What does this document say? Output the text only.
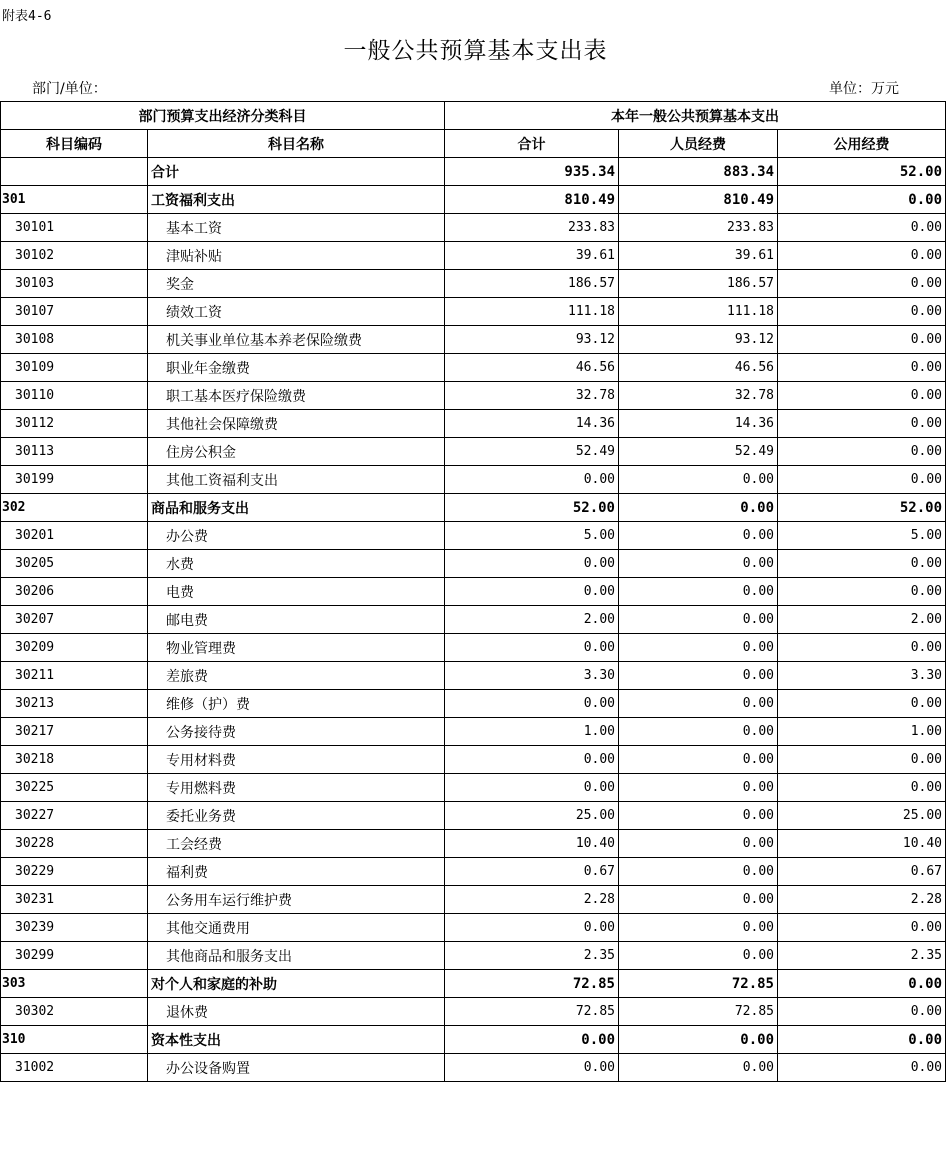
附表4-6
一般公共预算基本支出表
部门/单位：	单位：万元
部门预算支出经济分类科目		本年一般公共预算基本支出		
科目编码	科目名称	合计	人员经费	公用经费
	合计	935.34	883.34	52.00
301	工资福利支出	810.49	810.49	0.00
30101	基本工资	233.83	233.83	0.00
30102	津贴补贴	39.61	39.61	0.00
30103	奖金	186.57	186.57	0.00
30107	绩效工资	111.18	111.18	0.00
30108	机关事业单位基本养老保险缴费	93.12	93.12	0.00
30109	职业年金缴费	46.56	46.56	0.00
30110	职工基本医疗保险缴费	32.78	32.78	0.00
30112	其他社会保障缴费	14.36	14.36	0.00
30113	住房公积金	52.49	52.49	0.00
30199	其他工资福利支出	0.00	0.00	0.00
302	商品和服务支出	52.00	0.00	52.00
30201	办公费	5.00	0.00	5.00
30205	水费	0.00	0.00	0.00
30206	电费	0.00	0.00	0.00
30207	邮电费	2.00	0.00	2.00
30209	物业管理费	0.00	0.00	0.00
30211	差旅费	3.30	0.00	3.30
30213	维修（护）费	0.00	0.00	0.00
30217	公务接待费	1.00	0.00	1.00
30218	专用材料费	0.00	0.00	0.00
30225	专用燃料费	0.00	0.00	0.00
30227	委托业务费	25.00	0.00	25.00
30228	工会经费	10.40	0.00	10.40
30229	福利费	0.67	0.00	0.67
30231	公务用车运行维护费	2.28	0.00	2.28
30239	其他交通费用	0.00	0.00	0.00
30299	其他商品和服务支出	2.35	0.00	2.35
303	对个人和家庭的补助	72.85	72.85	0.00
30302	退休费	72.85	72.85	0.00
310	资本性支出	0.00	0.00	0.00
31002	办公设备购置	0.00	0.00	0.00
